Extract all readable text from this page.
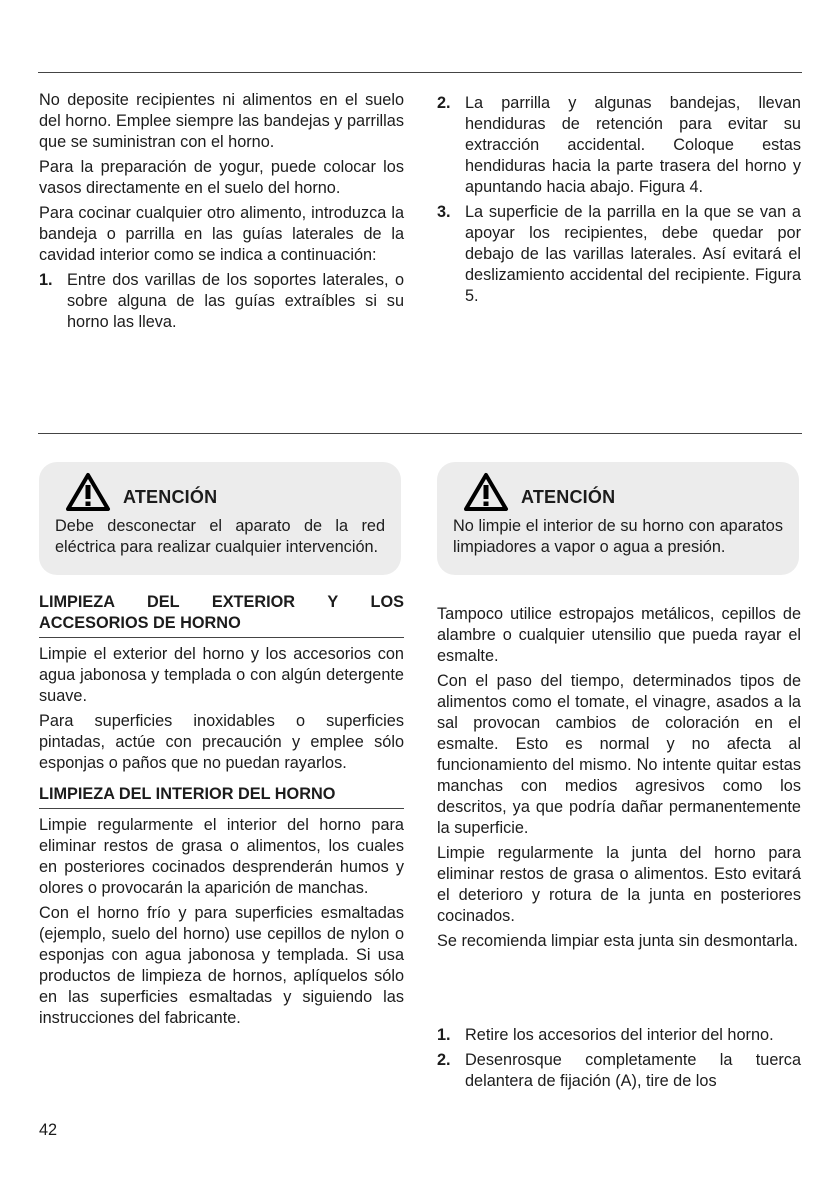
No deposite recipientes ni alimentos en el suelo del horno. Emplee siempre las bandejas y parrillas que se suministran con el horno.

Para la preparación de yogur, puede colocar los vasos directamente en el suelo del horno.

Para cocinar cualquier otro alimento, introduzca la bandeja o parrilla en las guías laterales de la cavidad interior como se indica a continuación:

1. Entre dos varillas de los soportes laterales, o sobre alguna de las guías extraíbles si su horno las lleva.
2. La parrilla y algunas bandejas, llevan hendiduras de retención para evitar su extracción accidental. Coloque estas hendiduras hacia la parte trasera del horno y apuntando hacia abajo. Figura 4.
3. La superficie de la parrilla en la que se van a apoyar los recipientes, debe quedar por debajo de las varillas laterales. Así evitará el deslizamiento accidental del recipiente. Figura 5.
ATENCIÓN

Debe desconectar el aparato de la red eléctrica para realizar cualquier intervención.

ATENCIÓN

No limpie el interior de su horno con aparatos limpiadores a vapor o agua a presión.

LIMPIEZA DEL EXTERIOR Y LOS ACCESORIOS DE HORNO

Limpie el exterior del horno y los accesorios con agua jabonosa y templada o con algún detergente suave.

Para superficies inoxidables o superficies pintadas, actúe con precaución y emplee sólo esponjas o paños que no puedan rayarlos.

LIMPIEZA DEL INTERIOR DEL HORNO

Limpie regularmente el interior del horno para eliminar restos de grasa o alimentos, los cuales en posteriores cocinados desprenderán humos y olores o provocarán la aparición de manchas.

Con el horno frío y para superficies esmaltadas (ejemplo, suelo del horno) use cepillos de nylon o esponjas con agua jabonosa y templada. Si usa productos de limpieza de hornos, aplíquelos sólo en las superficies esmaltadas y siguiendo las instrucciones del fabricante.

Tampoco utilice estropajos metálicos, cepillos de alambre o cualquier utensilio que pueda rayar el esmalte.

Con el paso del tiempo, determinados tipos de alimentos como el tomate, el vinagre, asados a la sal provocan cambios de coloración en el esmalte. Esto es normal y no afecta al funcionamiento del mismo. No intente quitar estas manchas con medios agresivos como los descritos, ya que podría dañar permanentemente la superficie.

Limpie regularmente la junta del horno para eliminar restos de grasa o alimentos. Esto evitará el deterioro y rotura de la junta en posteriores cocinados.

Se recomienda limpiar esta junta sin desmontarla.

1. Retire los accesorios del interior del horno.
2. Desenrosque completamente la tuerca delantera de fijación (A), tire de los
42
